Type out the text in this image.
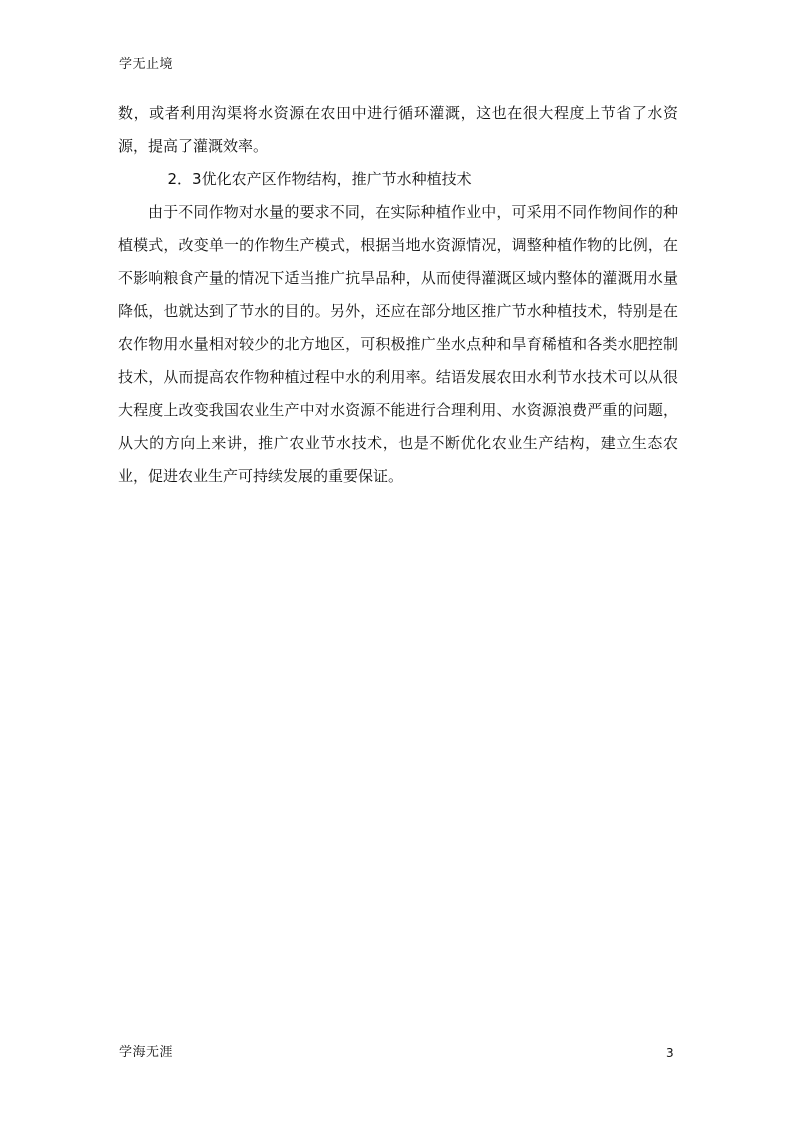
学无止境

数，或者利用沟渠将水资源在农田中进行循环灌溉，这也在很大程度上节省了水资源，提高了灌溉效率。

2．3优化农产区作物结构，推广节水种植技术

由于不同作物对水量的要求不同，在实际种植作业中，可采用不同作物间作的种植模式，改变单一的作物生产模式，根据当地水资源情况，调整种植作物的比例，在不影响粮食产量的情况下适当推广抗旱品种，从而使得灌溉区域内整体的灌溉用水量降低，也就达到了节水的目的。另外，还应在部分地区推广节水种植技术，特别是在农作物用水量相对较少的北方地区，可积极推广坐水点种和旱育稀植和各类水肥控制技术，从而提高农作物种植过程中水的利用率。结语发展农田水利节水技术可以从很大程度上改变我国农业生产中对水资源不能进行合理利用、水资源浪费严重的问题，从大的方向上来讲，推广农业节水技术，也是不断优化农业生产结构，建立生态农业，促进农业生产可持续发展的重要保证。

学海无涯	3
